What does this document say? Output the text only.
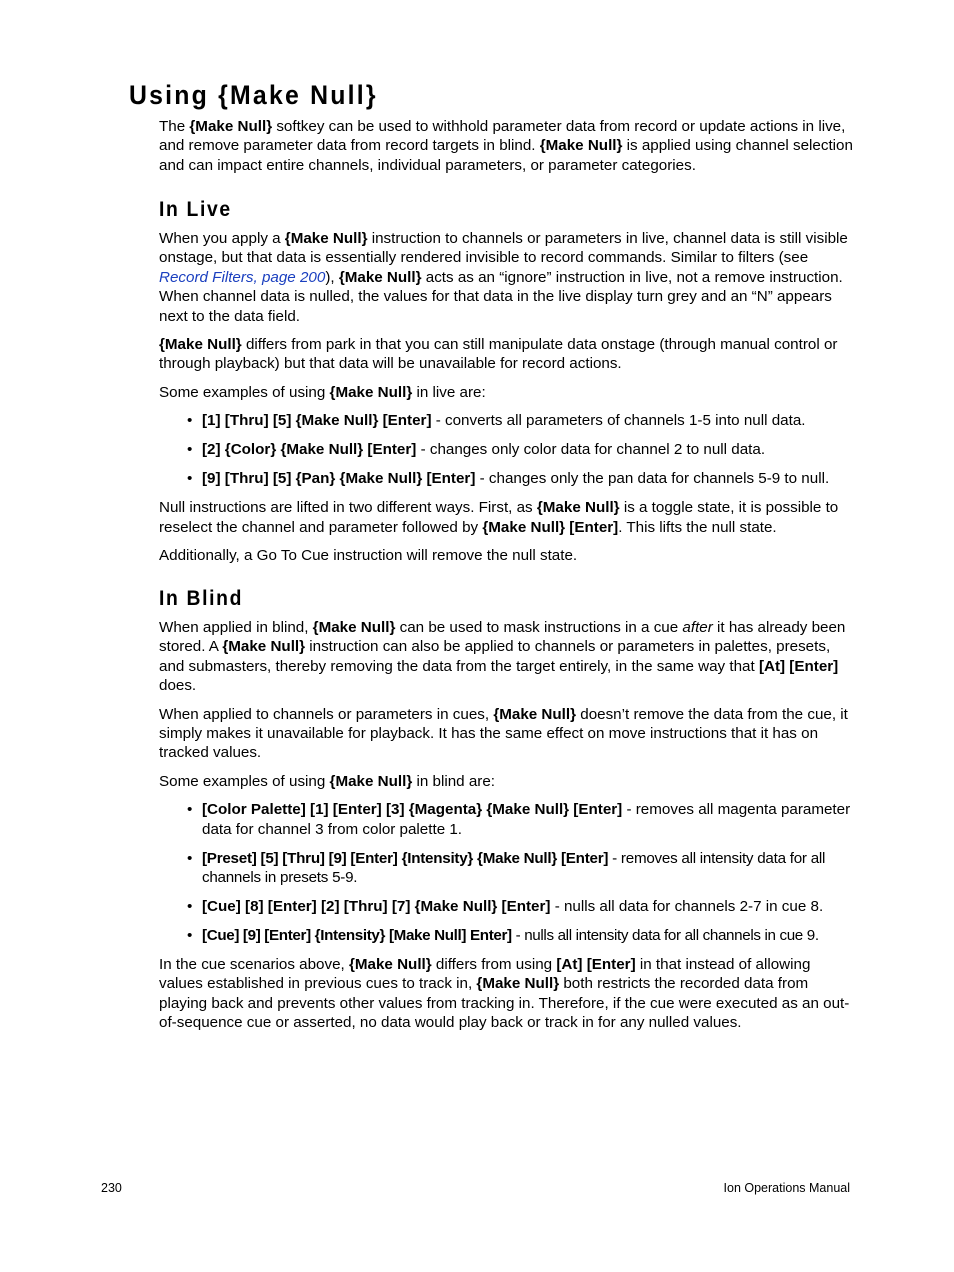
Using {Make Null}

The {Make Null} softkey can be used to withhold parameter data from record or update actions in live, and remove parameter data from record targets in blind. {Make Null} is applied using channel selection and can impact entire channels, individual parameters, or parameter categories.

In Live

When you apply a {Make Null} instruction to channels or parameters in live, channel data is still visible onstage, but that data is essentially rendered invisible to record commands. Similar to filters (see Record Filters, page 200), {Make Null} acts as an “ignore” instruction in live, not a remove instruction. When channel data is nulled, the values for that data in the live display turn grey and an “N” appears next to the data field.

{Make Null} differs from park in that you can still manipulate data onstage (through manual control or through playback) but that data will be unavailable for record actions.

Some examples of using {Make Null} in live are:

• [1] [Thru] [5] {Make Null} [Enter] - converts all parameters of channels 1-5 into null data.
• [2] {Color} {Make Null} [Enter] - changes only color data for channel 2 to null data.
• [9] [Thru] [5] {Pan} {Make Null} [Enter] - changes only the pan data for channels 5-9 to null.

Null instructions are lifted in two different ways. First, as {Make Null} is a toggle state, it is possible to reselect the channel and parameter followed by {Make Null} [Enter]. This lifts the null state.

Additionally, a Go To Cue instruction will remove the null state.

In Blind

When applied in blind, {Make Null} can be used to mask instructions in a cue after it has already been stored. A {Make Null} instruction can also be applied to channels or parameters in palettes, presets, and submasters, thereby removing the data from the target entirely, in the same way that [At] [Enter] does.

When applied to channels or parameters in cues, {Make Null} doesn’t remove the data from the cue, it simply makes it unavailable for playback. It has the same effect on move instructions that it has on tracked values.

Some examples of using {Make Null} in blind are:

• [Color Palette] [1] [Enter] [3] {Magenta} {Make Null} [Enter] - removes all magenta parameter data for channel 3 from color palette 1.
• [Preset] [5] [Thru] [9] [Enter] {Intensity} {Make Null} [Enter] - removes all intensity data for all channels in presets 5-9.
• [Cue] [8] [Enter] [2] [Thru] [7] {Make Null} [Enter] - nulls all data for channels 2-7 in cue 8.
• [Cue] [9] [Enter] {Intensity} [Make Null] Enter] - nulls all intensity data for all channels in cue 9.

In the cue scenarios above, {Make Null} differs from using [At] [Enter] in that instead of allowing values established in previous cues to track in, {Make Null} both restricts the recorded data from playing back and prevents other values from tracking in. Therefore, if the cue were executed as an out-of-sequence cue or asserted, no data would play back or track in for any nulled values.

230	Ion Operations Manual
